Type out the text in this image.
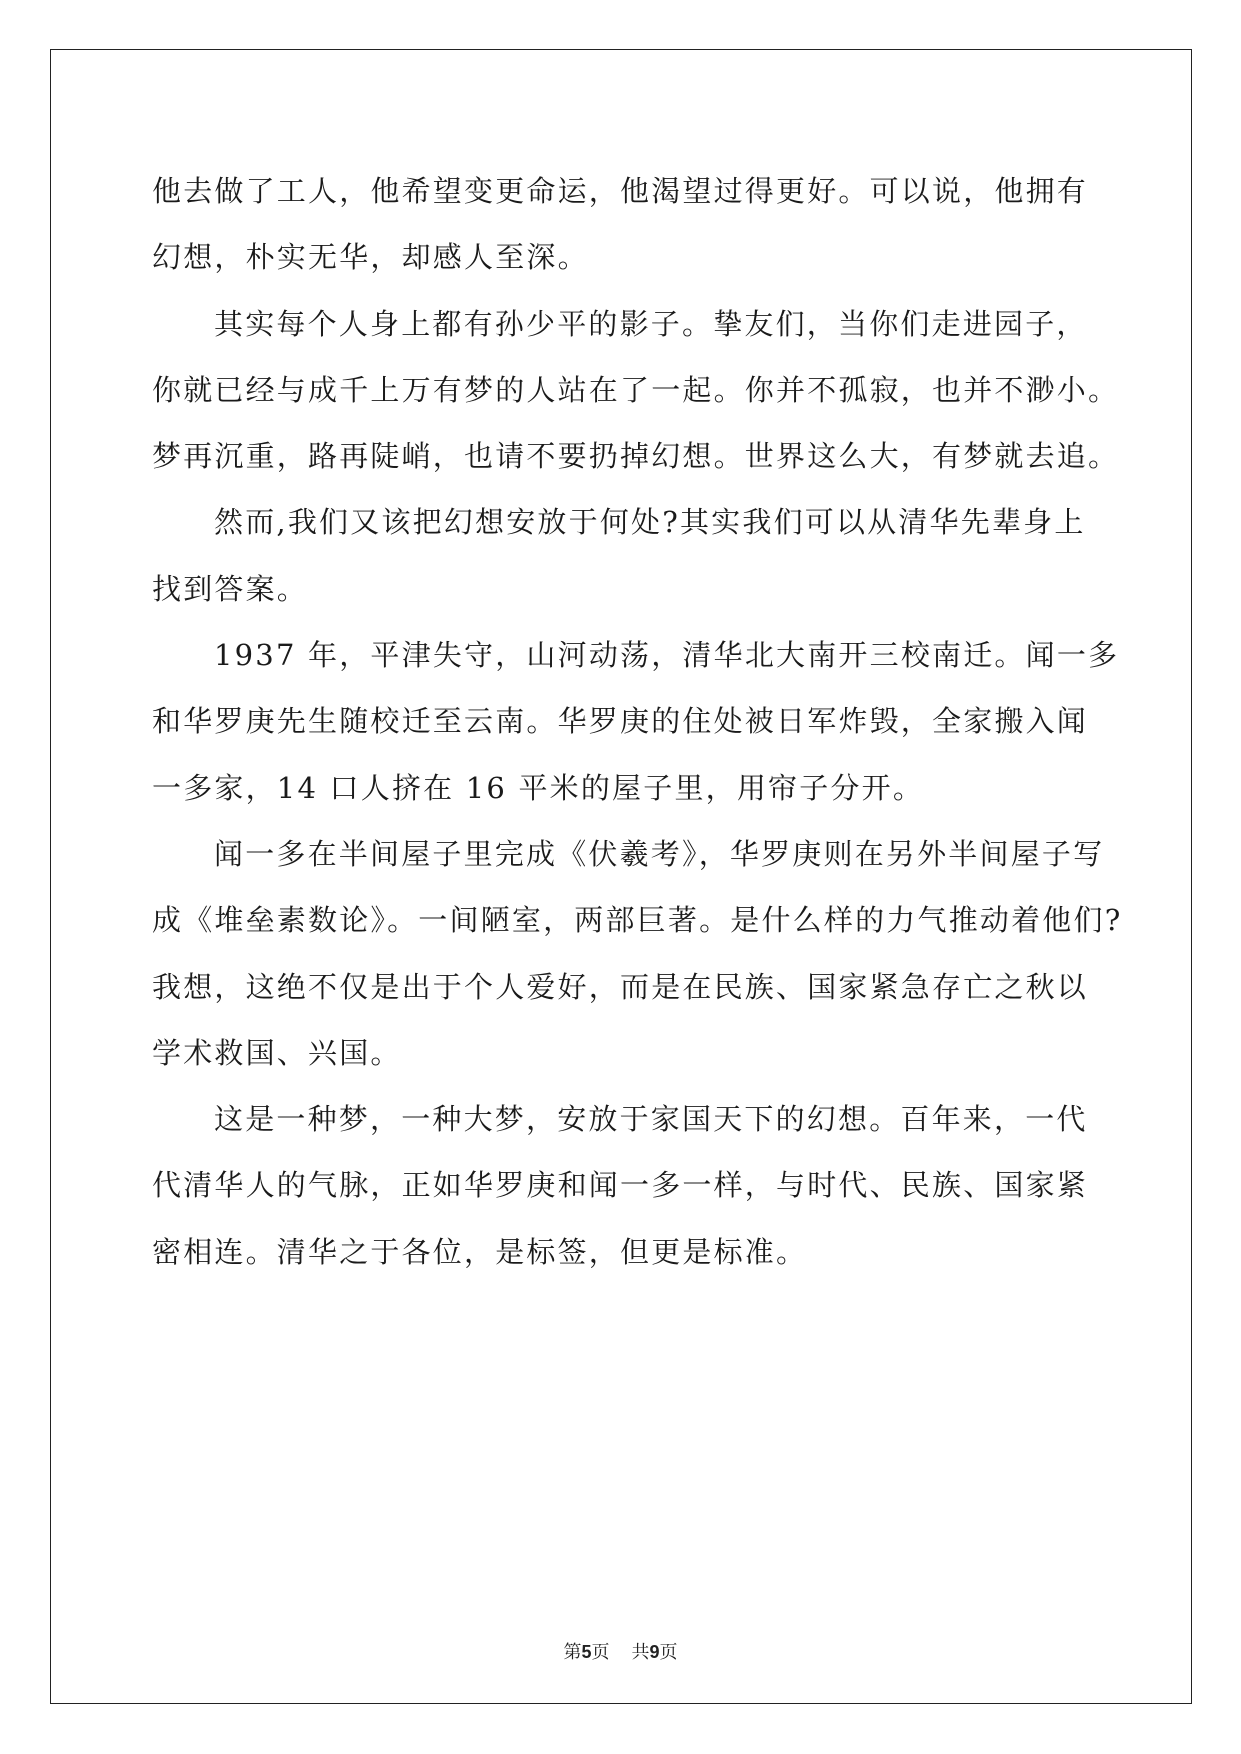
他去做了工人，他希望变更命运，他渴望过得更好。可以说，他拥有
幻想，朴实无华，却感人至深。
其实每个人身上都有孙少平的影子。挚友们，当你们走进园子，
你就已经与成千上万有梦的人站在了一起。你并不孤寂，也并不渺小。
梦再沉重，路再陡峭，也请不要扔掉幻想。世界这么大，有梦就去追。
然而,我们又该把幻想安放于何处?其实我们可以从清华先辈身上
找到答案。
1937 年，平津失守，山河动荡，清华北大南开三校南迁。闻一多
和华罗庚先生随校迁至云南。华罗庚的住处被日军炸毁，全家搬入闻
一多家，14 口人挤在 16 平米的屋子里，用帘子分开。
闻一多在半间屋子里完成《伏羲考》，华罗庚则在另外半间屋子写
成《堆垒素数论》。一间陋室，两部巨著。是什么样的力气推动着他们?
我想，这绝不仅是出于个人爱好，而是在民族、国家紧急存亡之秋以
学术救国、兴国。
这是一种梦，一种大梦，安放于家国天下的幻想。百年来，一代
代清华人的气脉，正如华罗庚和闻一多一样，与时代、民族、国家紧
密相连。清华之于各位，是标签，但更是标准。
第5页 共9页
